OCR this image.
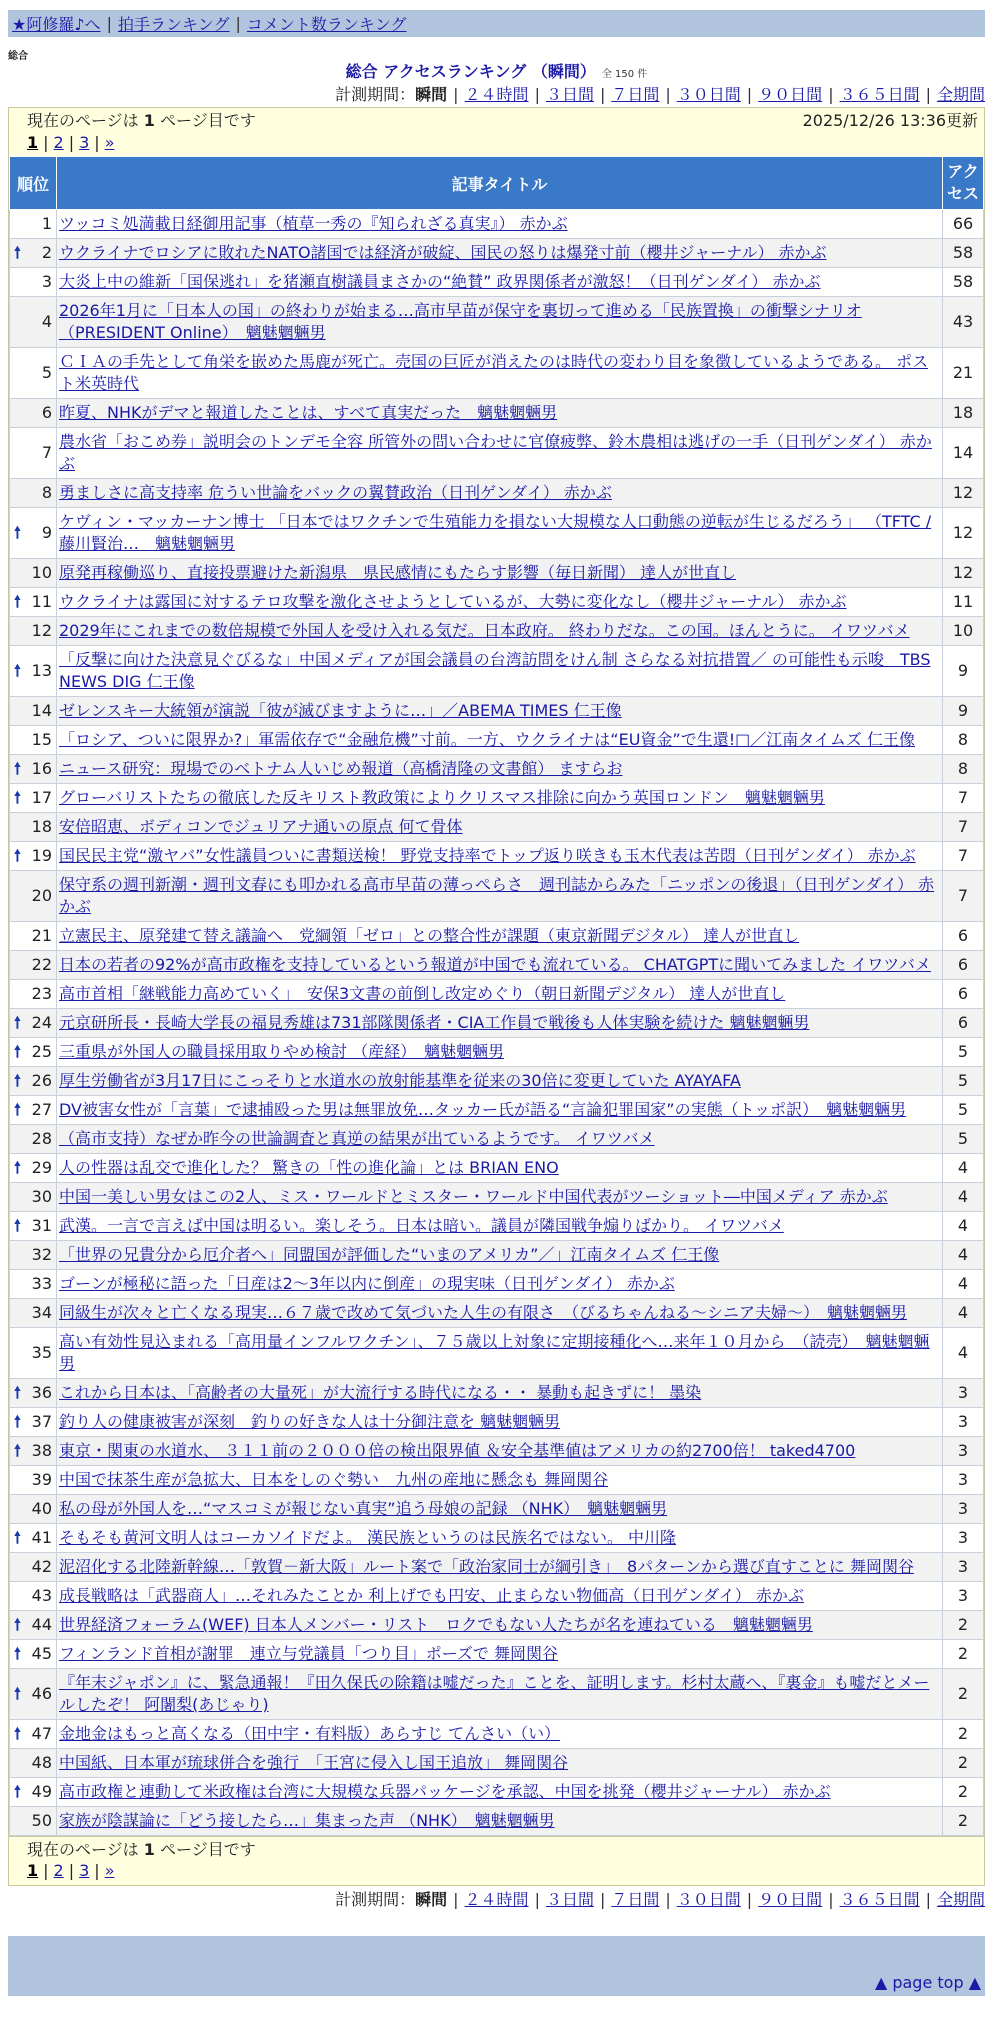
★阿修羅♪へ | 拍手ランキング | コメント数ランキング
総合
総合 アクセスランキング （瞬間） 全 150 件
計測期間：瞬間 | ２４時間 | ３日間 | ７日間 | ３０日間 | ９０日間 | ３６５日間 | 全期間
現在のページは 1 ページ目です	2025/12/26 13:36更新
1 | 2 | 3 | »
順位	記事タイトル	アクセス
1	ツッコミ処満載日経御用記事（植草一秀の『知られざる真実』） 赤かぶ	66

🠕 2	ウクライナでロシアに敗れたNATO諸国では経済が破綻、国民の怒りは爆発寸前（櫻井ジャーナル） 赤かぶ	58
3	大炎上中の維新「国保逃れ」を猪瀬直樹議員まさかの“絶賛” 政界関係者が激怒！（日刊ゲンダイ） 赤かぶ	58
4	2026年1月に「日本人の国」の終わりが始まる…高市早苗が保守を裏切って進める「民族置換」の衝撃シナリオ （PRESIDENT Online）　魑魅魍魎男	43
5	ＣＩＡの手先として角栄を嵌めた馬鹿が死亡。売国の巨匠が消えたのは時代の変わり目を象徴しているようである。 ポスト米英時代	21
6	昨夏、NHKがデマと報道したことは、すべて真実だった　魑魅魍魎男	18
7	農水省「おこめ券」説明会のトンデモ全容 所管外の問い合わせに官僚疲弊、鈴木農相は逃げの一手（日刊ゲンダイ） 赤かぶ	14
8	勇ましさに高支持率 危うい世論をバックの翼賛政治（日刊ゲンダイ） 赤かぶ	12

🠕 9	ケヴィン・マッカーナン博士 「日本ではワクチンで生殖能力を損ない大規模な人口動態の逆転が生じるだろう」 （TFTC / 藤川賢治…　魑魅魍魎男	12
10	原発再稼働巡り、直接投票避けた新潟県　県民感情にもたらす影響（毎日新聞） 達人が世直し	12

🠕 11	ウクライナは露国に対するテロ攻撃を激化させようとしているが、大勢に変化なし（櫻井ジャーナル） 赤かぶ	11
12	2029年にこれまでの数倍規模で外国人を受け入れる気だ。日本政府。 終わりだな。この国。ほんとうに。 イワツバメ	10

🠕 13	「反撃に向けた決意見ぐびるな」中国メディアが国会議員の台湾訪問をけん制 さらなる対抗措置／ の可能性も示唆　TBS NEWS DIG 仁王像	9
14	ゼレンスキー大統領が演説「彼が滅びますように…」／ABEMA TIMES 仁王像	9
15	「ロシア、ついに限界か?」軍需依存で“金融危機”寸前。一方、ウクライナは“EU資金”で生還!□／江南タイムズ 仁王像	8

🠕 16	ニュース研究：現場でのベトナム人いじめ報道（高橋清隆の文書館） ますらお	8

🠕 17	グローバリストたちの徹底した反キリスト教政策によりクリスマス排除に向かう英国ロンドン　魑魅魍魎男	7
18	安倍昭恵、ボディコンでジュリアナ通いの原点 何て骨体	7

🠕 19	国民民主党“激ヤバ”女性議員ついに書類送検！ 野党支持率でトップ返り咲きも玉木代表は苦悶（日刊ゲンダイ） 赤かぶ	7
20	保守系の週刊新潮・週刊文春にも叩かれる高市早苗の薄っぺらさ　週刊誌からみた「ニッポンの後退」（日刊ゲンダイ） 赤かぶ	7
21	立憲民主、原発建て替え議論へ　党綱領「ゼロ」との整合性が課題（東京新聞デジタル） 達人が世直し	6
22	日本の若者の92%が高市政権を支持しているという報道が中国でも流れている。 CHATGPTに聞いてみました イワツバメ	6
23	高市首相「継戦能力高めていく」　安保3文書の前倒し改定めぐり（朝日新聞デジタル） 達人が世直し	6

🠕 24	元京研所長・長崎大学長の福見秀雄は731部隊関係者・CIA工作員で戦後も人体実験を続けた 魑魅魍魎男	6

🠕 25	三重県が外国人の職員採用取りやめ検討 （産経）　魑魅魍魎男	5

🠕 26	厚生労働省が3月17日にこっそりと水道水の放射能基準を従来の30倍に変更していた AYAYAFA	5

🠕 27	DV被害女性が「言葉」で逮捕殴った男は無罪放免…タッカー氏が語る“言論犯罪国家”の実態（トッポ訳）　魑魅魍魎男	5
28	（高市支持）なぜか昨今の世論調査と真逆の結果が出ているようです。 イワツバメ	5

🠕 29	人の性器は乱交で進化した？ 驚きの「性の進化論」とは BRIAN ENO	4
30	中国一美しい男女はこの2人、ミス・ワールドとミスター・ワールド中国代表がツーショット―中国メディア 赤かぶ	4

🠕 31	武漢。一言で言えば中国は明るい。楽しそう。日本は暗い。議員が隣国戦争煽りばかり。 イワツバメ	4
32	「世界の兄貴分から厄介者へ」同盟国が評価した“いまのアメリカ”／」江南タイムズ 仁王像	4
33	ゴーンが極秘に語った「日産は2～3年以内に倒産」の現実味（日刊ゲンダイ） 赤かぶ	4
34	同級生が次々と亡くなる現実…６７歳で改めて気づいた人生の有限さ　（びるちゃんねる～シニア夫婦～）　魑魅魍魎男	4
35	高い有効性見込まれる「高用量インフルワクチン」、７５歳以上対象に定期接種化へ…来年１０月から　（読売）　魑魅魍魎男	4

🠕 36	これから日本は、「高齢者の大量死」が大流行する時代になる・・ 暴動も起きずに！ 墨染	3

🠕 37	釣り人の健康被害が深刻　釣りの好きな人は十分御注意を 魑魅魍魎男	3

🠕 38	東京・関東の水道水、 ３１１前の２０００倍の検出限界値 ＆安全基準値はアメリカの約2700倍！ taked4700	3
39	中国で抹茶生産が急拡大、日本をしのぐ勢い　九州の産地に懸念も 舞岡関谷	3
40	私の母が外国人を…“マスコミが報じない真実”追う母娘の記録 （NHK）　魑魅魍魎男	3

🠕 41	そもそも黄河文明人はコーカソイドだよ。 漢民族というのは民族名ではない。 中川隆	3
42	泥沼化する北陸新幹線…「敦賀－新大阪」ルート案で「政治家同士が綱引き」　8パターンから選び直すことに 舞岡関谷	3
43	成長戦略は「武器商人」…それみたことか 利上げでも円安、止まらない物価高（日刊ゲンダイ） 赤かぶ	3

🠕 44	世界経済フォーラム(WEF) 日本人メンバー・リスト　ロクでもない人たちが名を連ねている　魑魅魍魎男	2

🠕 45	フィンランド首相が謝罪　連立与党議員「つり目」ポーズで 舞岡関谷	2

🠕 46	『年末ジャポン』に、緊急通報！『田久保氏の除籍は嘘だった』ことを、証明します。杉村太蔵へ、『裏金』も嘘だとメールしたぞ！ 阿闍梨(あじゃり)	2

🠕 47	金地金はもっと高くなる（田中宇・有料版）あらすじ てんさい（い）	2
48	中国紙、日本軍が琉球併合を強行　「王宮に侵入し国王追放」 舞岡関谷	2

🠕 49	高市政権と連動して米政権は台湾に大規模な兵器パッケージを承認、中国を挑発（櫻井ジャーナル） 赤かぶ	2
50	家族が陰謀論に「どう接したら…」集まった声 （NHK）　魑魅魍魎男	2
現在のページは 1 ページ目です
1 | 2 | 3 | »
計測期間：瞬間 | ２４時間 | ３日間 | ７日間 | ３０日間 | ９０日間 | ３６５日間 | 全期間
▲ page top ▲
